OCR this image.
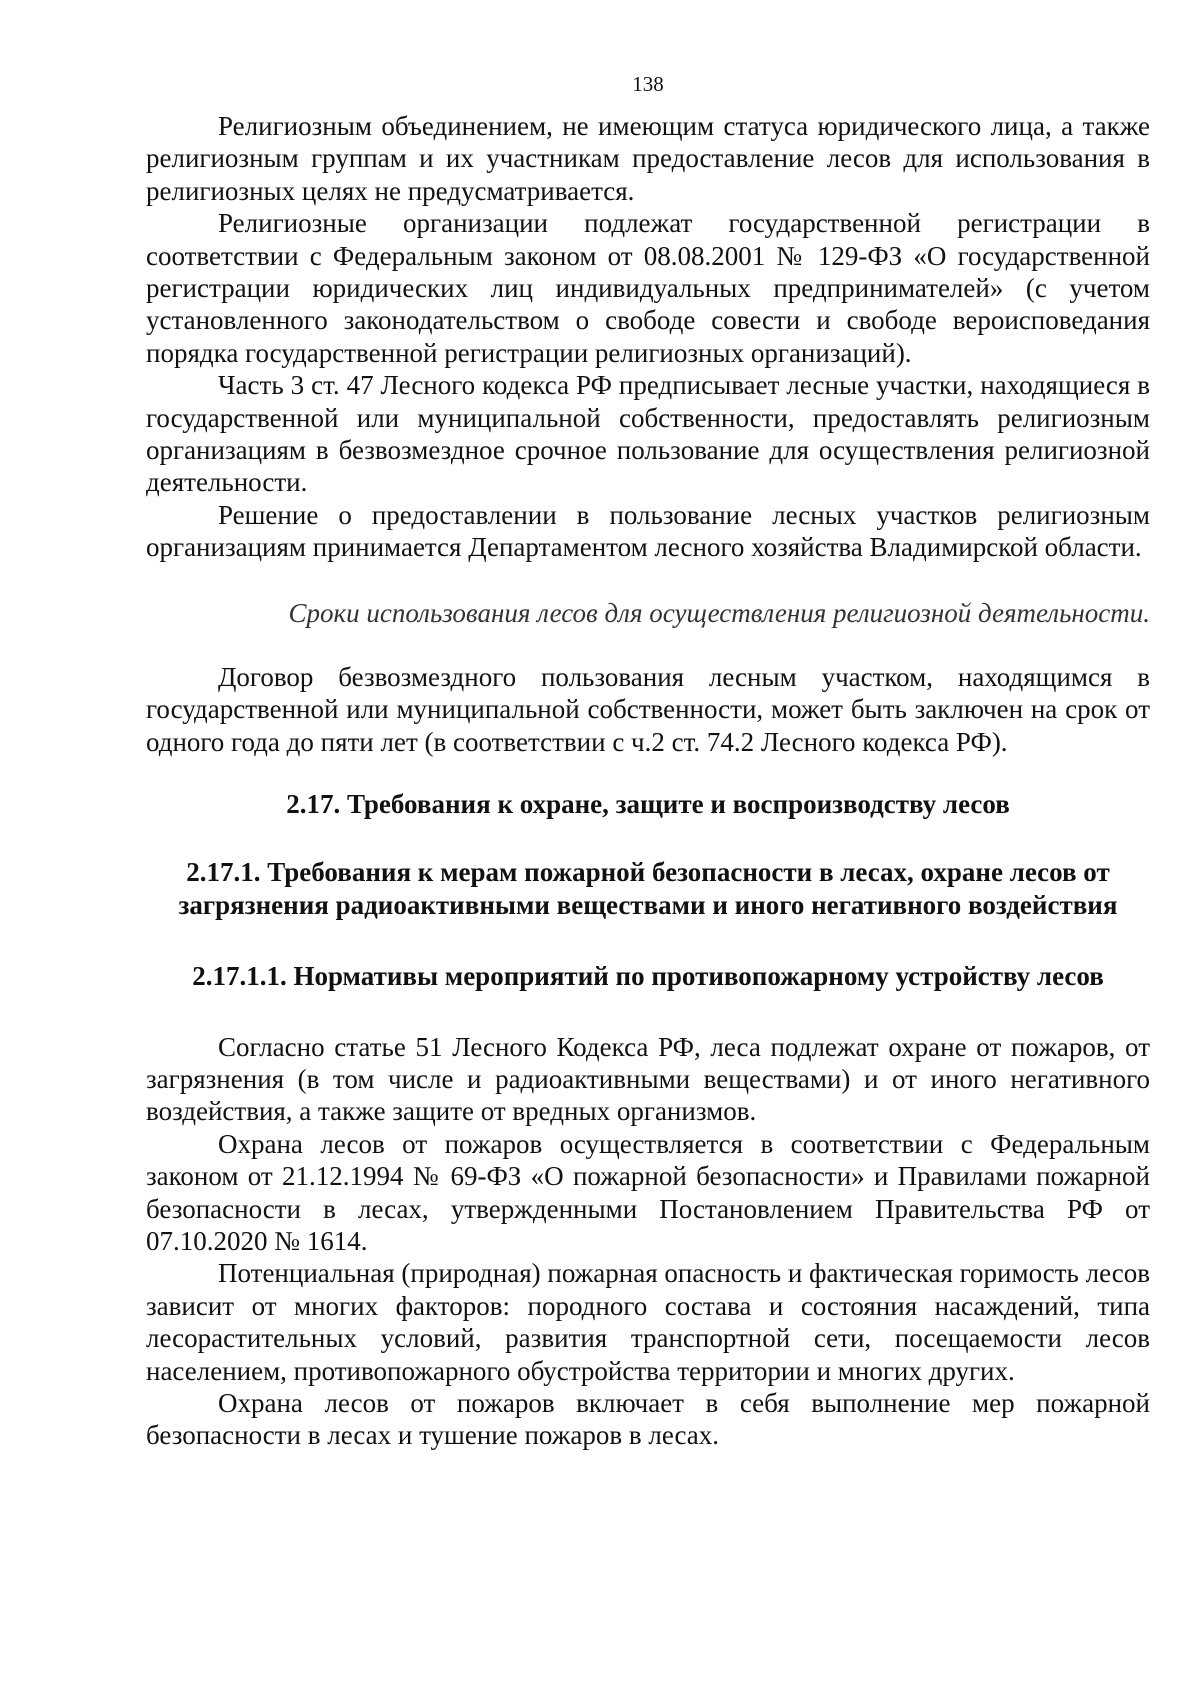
138

Религиозным объединением, не имеющим статуса юридического лица, а также религиозным группам и их участникам предоставление лесов для использования в религиозных целях не предусматривается.

Религиозные организации подлежат государственной регистрации в соответствии с Федеральным законом от 08.08.2001 № 129-ФЗ «О государственной регистрации юридических лиц индивидуальных предпринимателей» (с учетом установленного законодательством о свободе совести и свободе вероисповедания порядка государственной регистрации религиозных организаций).

Часть 3 ст. 47 Лесного кодекса РФ предписывает лесные участки, находящиеся в государственной или муниципальной собственности, предоставлять религиозным организациям в безвозмездное срочное пользование для осуществления религиозной деятельности.

Решение о предоставлении в пользование лесных участков религиозным организациям принимается Департаментом лесного хозяйства Владимирской области.

Сроки использования лесов для осуществления религиозной деятельности.

Договор безвозмездного пользования лесным участком, находящимся в государственной или муниципальной собственности, может быть заключен на срок от одного года до пяти лет (в соответствии с ч.2 ст. 74.2 Лесного кодекса РФ).

2.17. Требования к охране, защите и воспроизводству лесов
2.17.1. Требования к мерам пожарной безопасности в лесах, охране лесов от загрязнения радиоактивными веществами и иного негативного воздействия
2.17.1.1. Нормативы мероприятий по противопожарному устройству лесов

Согласно статье 51 Лесного Кодекса РФ, леса подлежат охране от пожаров, от загрязнения (в том числе и радиоактивными веществами) и от иного негативного воздействия, а также защите от вредных организмов.

Охрана лесов от пожаров осуществляется в соответствии с Федеральным законом от 21.12.1994 № 69-ФЗ «О пожарной безопасности» и Правилами пожарной безопасности в лесах, утвержденными Постановлением Правительства РФ от 07.10.2020 № 1614.

Потенциальная (природная) пожарная опасность и фактическая горимость лесов зависит от многих факторов: породного состава и состояния насаждений, типа лесорастительных условий, развития транспортной сети, посещаемости лесов населением, противопожарного обустройства территории и многих других.

Охрана лесов от пожаров включает в себя выполнение мер пожарной безопасности в лесах и тушение пожаров в лесах.
